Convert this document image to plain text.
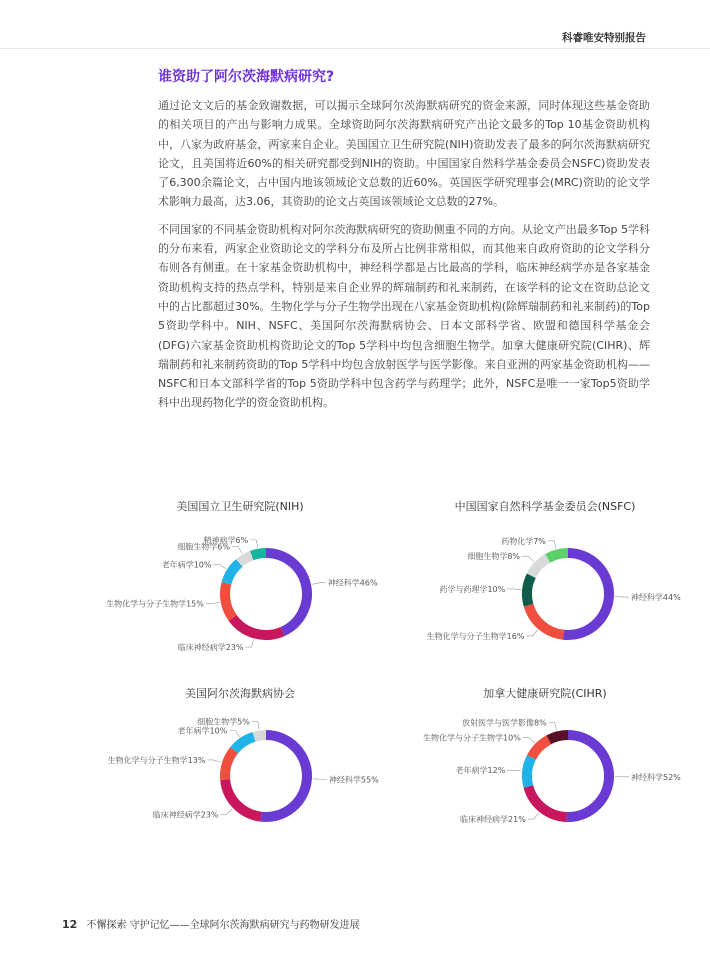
科睿唯安特别报告
谁资助了阿尔茨海默病研究?

通过论文文后的基金致谢数据，可以揭示全球阿尔茨海默病研究的资金来源，同时体现这些基金资助的相关项目的产出与影响力成果。全球资助阿尔茨海默病研究产出论文最多的Top 10基金资助机构中，八家为政府基金，两家来自企业。美国国立卫生研究院(NIH)资助发表了最多的阿尔茨海默病研究论文，且美国将近60%的相关研究都受到NIH的资助。中国国家自然科学基金委员会NSFC)资助发表了6,300余篇论文，占中国内地该领域论文总数的近60%。英国医学研究理事会(MRC)资助的论文学术影响力最高，达3.06，其资助的论文占英国该领域论文总数的27%。

不同国家的不同基金资助机构对阿尔茨海默病研究的资助侧重不同的方向。从论文产出最多Top 5学科的分布来看，两家企业资助论文的学科分布及所占比例非常相似，而其他来自政府资助的论文学科分布则各有侧重。在十家基金资助机构中，神经科学都是占比最高的学科，临床神经病学亦是各家基金资助机构支持的热点学科，特别是来自企业界的辉瑞制药和礼来制药，在该学科的论文在资助总论文中的占比都超过30%。生物化学与分子生物学出现在八家基金资助机构(除辉瑞制药和礼来制药)的Top 5资助学科中。NIH、NSFC、美国阿尔茨海默病协会、日本文部科学省、欧盟和德国科学基金会(DFG)六家基金资助机构资助论文的Top 5学科中均包含细胞生物学。加拿大健康研究院(CIHR)、辉瑞制药和礼来制药资助的Top 5学科中均包含放射医学与医学影像。来自亚洲的两家基金资助机构——NSFC和日本文部科学省的Top 5资助学科中包含药学与药理学；此外，NSFC是唯一一家Top5资助学科中出现药物化学的资金资助机构。

美国国立卫生研究院(NIH)
神经科学46%
临床神经病学23%
生物化学与分子生物学15%
老年病学10%
细胞生物学6%
精神病学6%
中国国家自然科学基金委员会(NSFC)
神经科学44%
生物化学与分子生物学16%
药学与药理学10%
细胞生物学8%
药物化学7%
美国阿尔茨海默病协会
神经科学55%
临床神经病学23%
生物化学与分子生物学13%
老年病学10%
细胞生物学5%
加拿大健康研究院(CIHR)
神经科学52%
临床神经病学21%
老年病学12%
生物化学与分子生物学10%
放射医学与医学影像8%
12 不懈探索 守护记忆——全球阿尔茨海默病研究与药物研发进展
